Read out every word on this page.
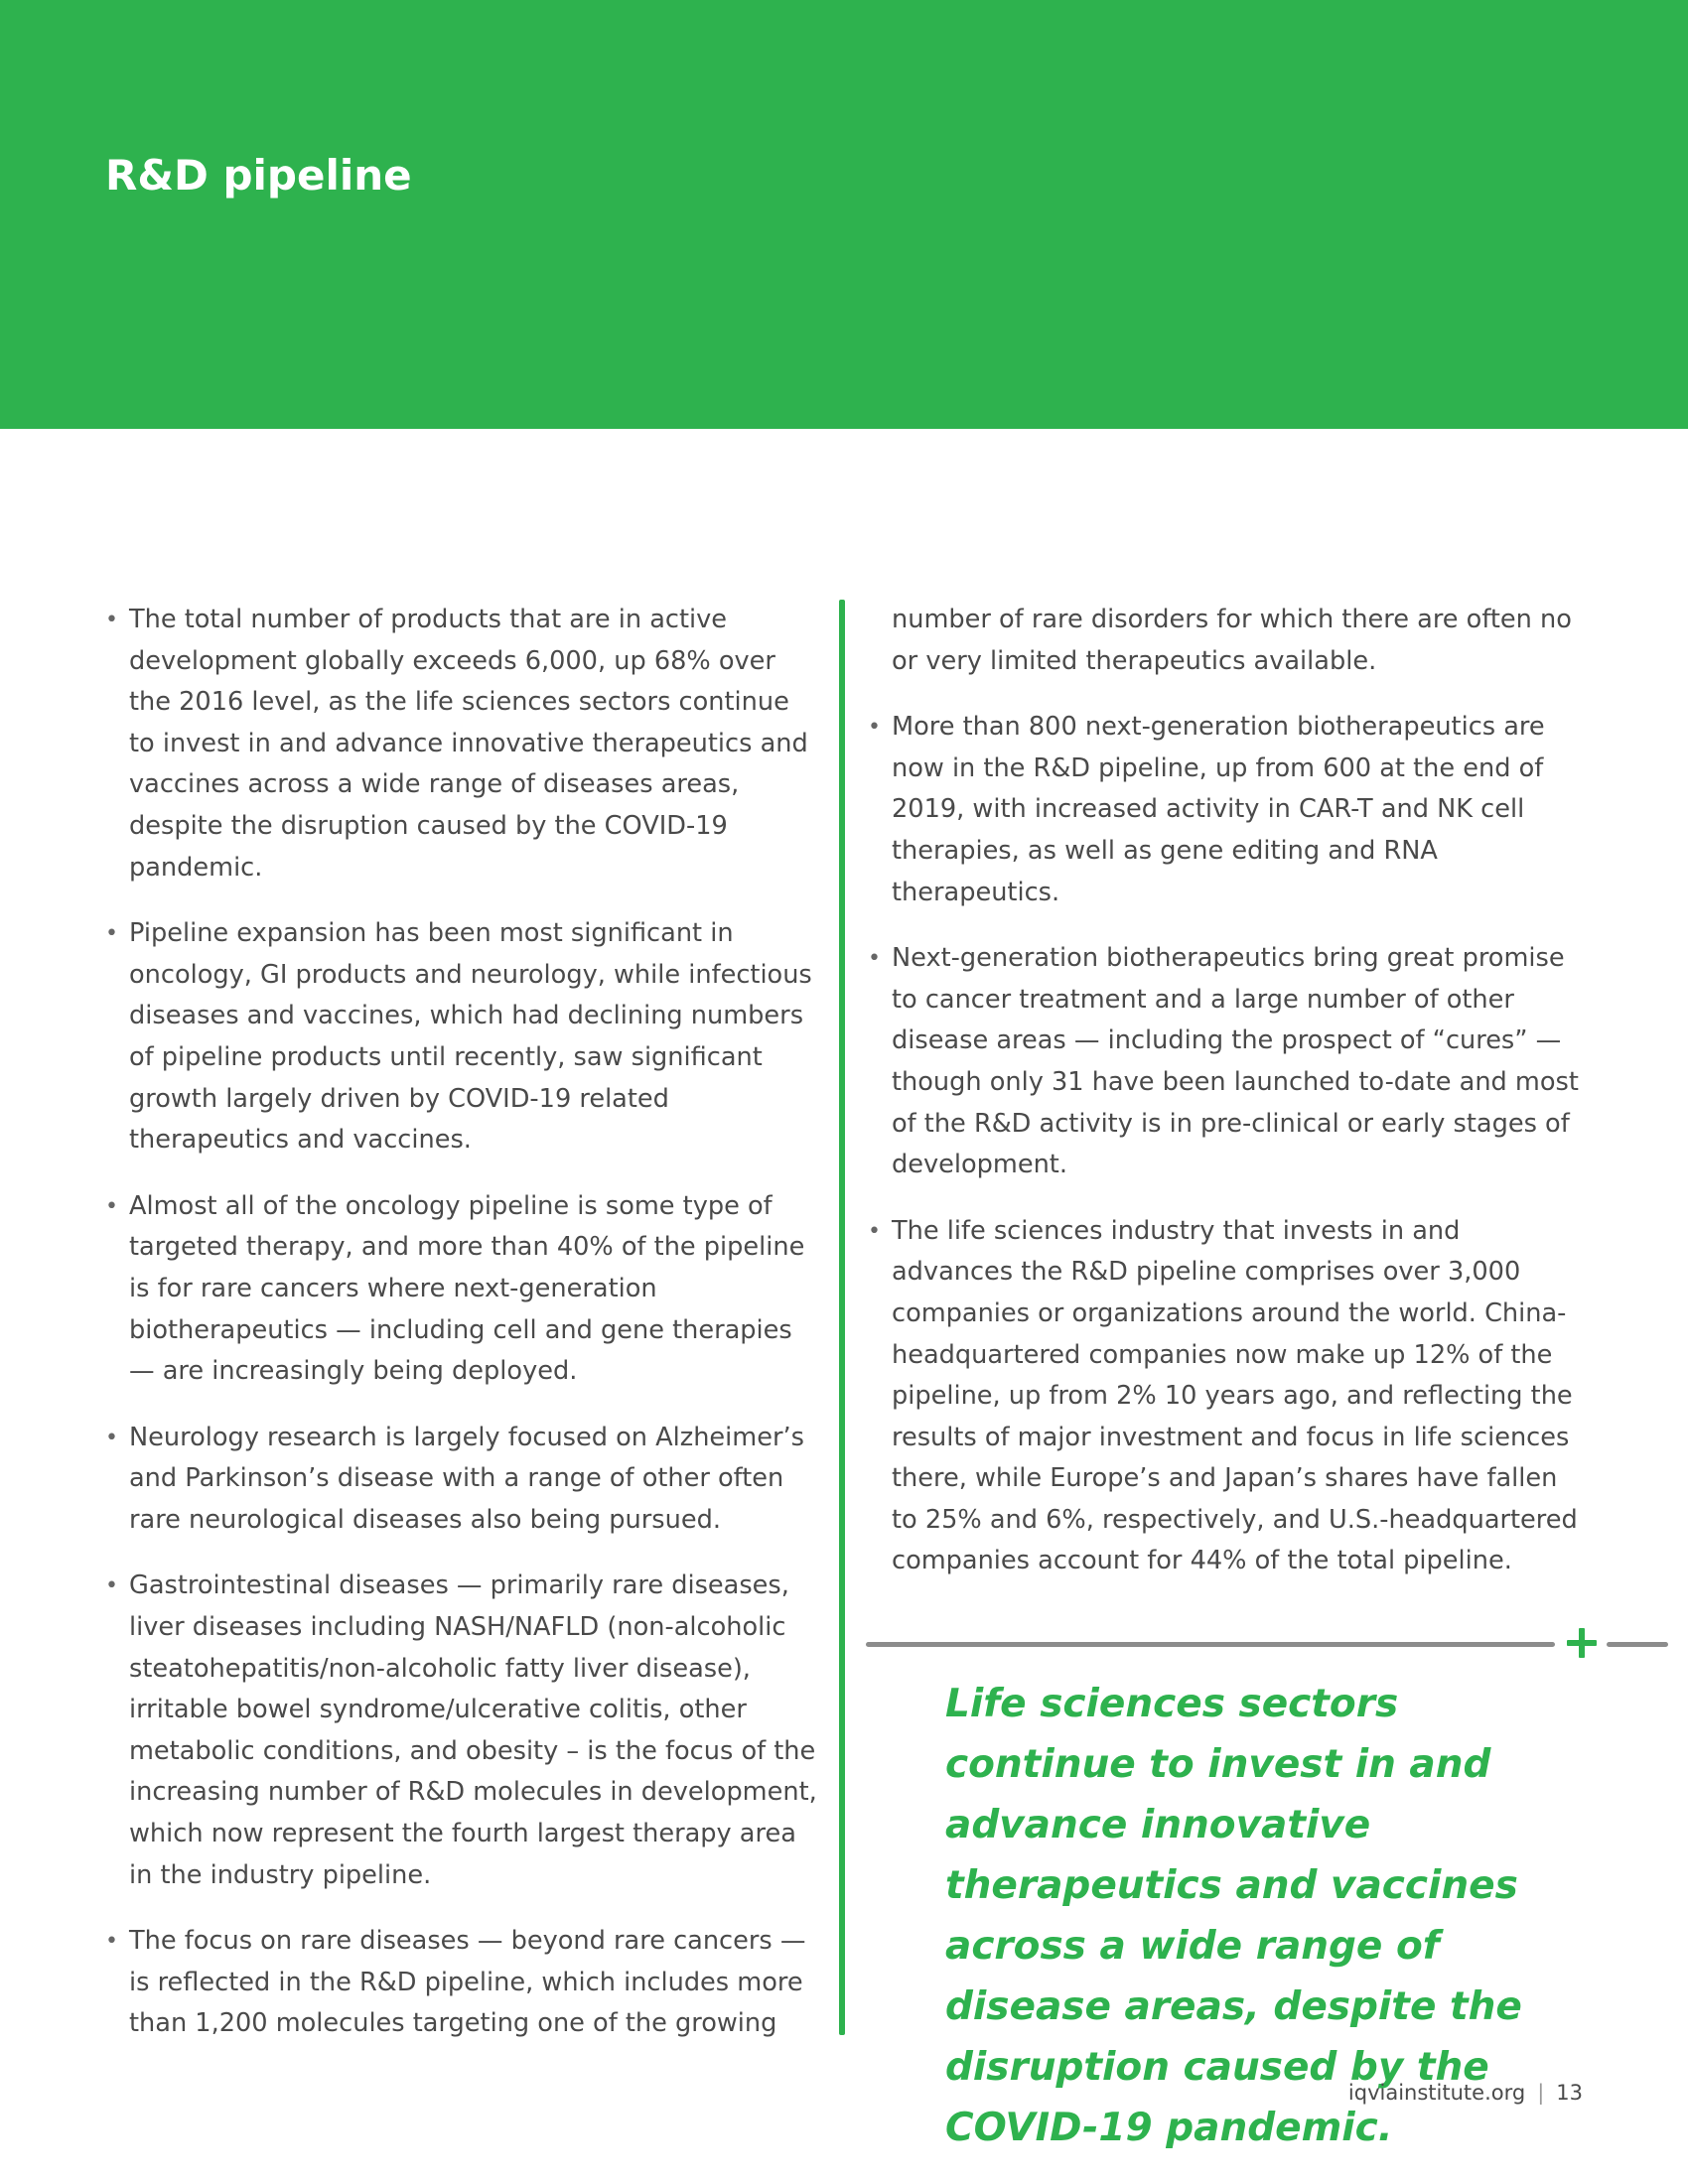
R&D pipeline
• The total number of products that are in active development globally exceeds 6,000, up 68% over the 2016 level, as the life sciences sectors continue to invest in and advance innovative therapeutics and vaccines across a wide range of diseases areas, despite the disruption caused by the COVID-19 pandemic.
• Pipeline expansion has been most significant in oncology, GI products and neurology, while infectious diseases and vaccines, which had declining numbers of pipeline products until recently, saw significant growth largely driven by COVID-19 related therapeutics and vaccines.
• Almost all of the oncology pipeline is some type of targeted therapy, and more than 40% of the pipeline is for rare cancers where next-generation biotherapeutics — including cell and gene therapies — are increasingly being deployed.
• Neurology research is largely focused on Alzheimer’s and Parkinson’s disease with a range of other often rare neurological diseases also being pursued.
• Gastrointestinal diseases — primarily rare diseases, liver diseases including NASH/NAFLD (non-alcoholic steatohepatitis/non-alcoholic fatty liver disease), irritable bowel syndrome/ulcerative colitis, other metabolic conditions, and obesity – is the focus of the increasing number of R&D molecules in development, which now represent the fourth largest therapy area in the industry pipeline.
• The focus on rare diseases — beyond rare cancers — is reflected in the R&D pipeline, which includes more than 1,200 molecules targeting one of the growing

number of rare disorders for which there are often no or very limited therapeutics available.

• More than 800 next-generation biotherapeutics are now in the R&D pipeline, up from 600 at the end of 2019, with increased activity in CAR-T and NK cell therapies, as well as gene editing and RNA therapeutics.
• Next-generation biotherapeutics bring great promise to cancer treatment and a large number of other disease areas — including the prospect of “cures” — though only 31 have been launched to-date and most of the R&D activity is in pre-clinical or early stages of development.
• The life sciences industry that invests in and advances the R&D pipeline comprises over 3,000 companies or organizations around the world. China-headquartered companies now make up 12% of the pipeline, up from 2% 10 years ago, and reflecting the results of major investment and focus in life sciences there, while Europe’s and Japan’s shares have fallen to 25% and 6%, respectively, and U.S.-headquartered companies account for 44% of the total pipeline.

Life sciences sectors continue to invest in and advance innovative therapeutics and vaccines across a wide range of disease areas, despite the disruption caused by the COVID-19 pandemic.

iqviainstitute.org | 13
